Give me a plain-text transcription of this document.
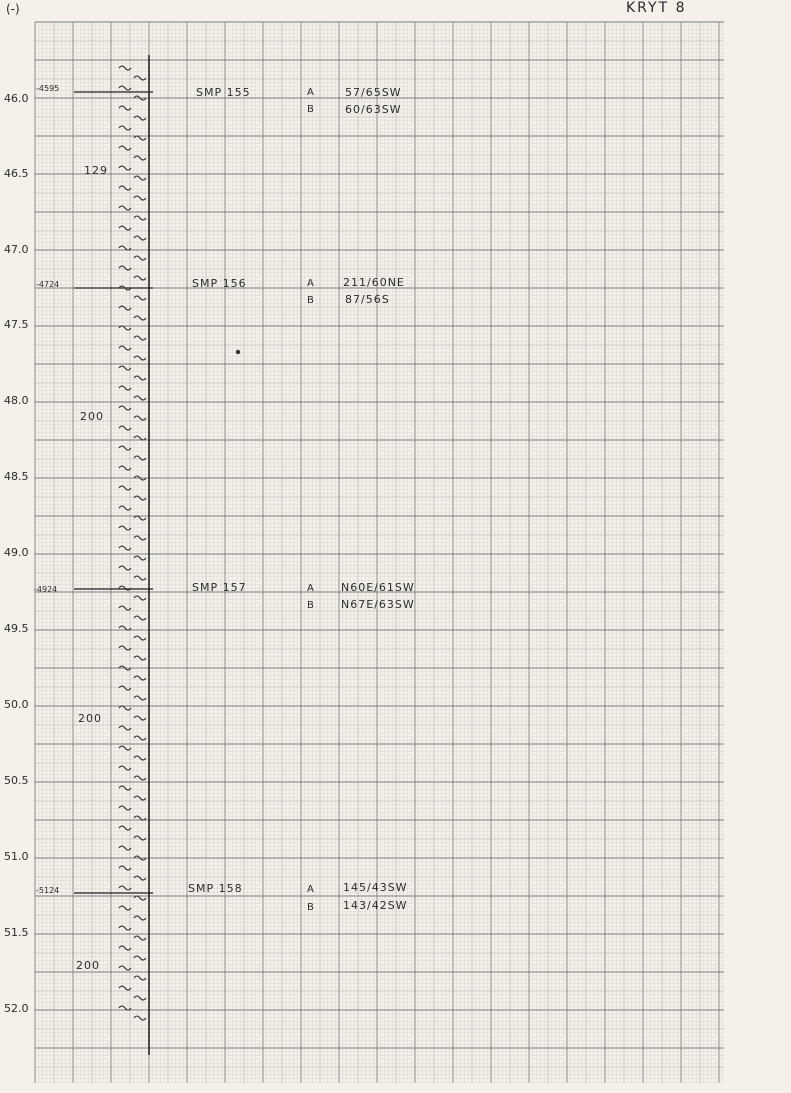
(-)	KRYT 8
46.0
46.5
47.0
47.5
48.0
48.5
49.0
49.5
50.0
50.5
51.0
51.5
52.0
129
200
200
200
-4595	SMP 155	A	57/65SW
B	60/63SW
-4724	SMP 156	A	211/60NE
B	87/56S
-4924	SMP 157	A N60E/61SW
B N67E/63SW
-5124	SMP 158	A	145/43SW
B	143/42SW
